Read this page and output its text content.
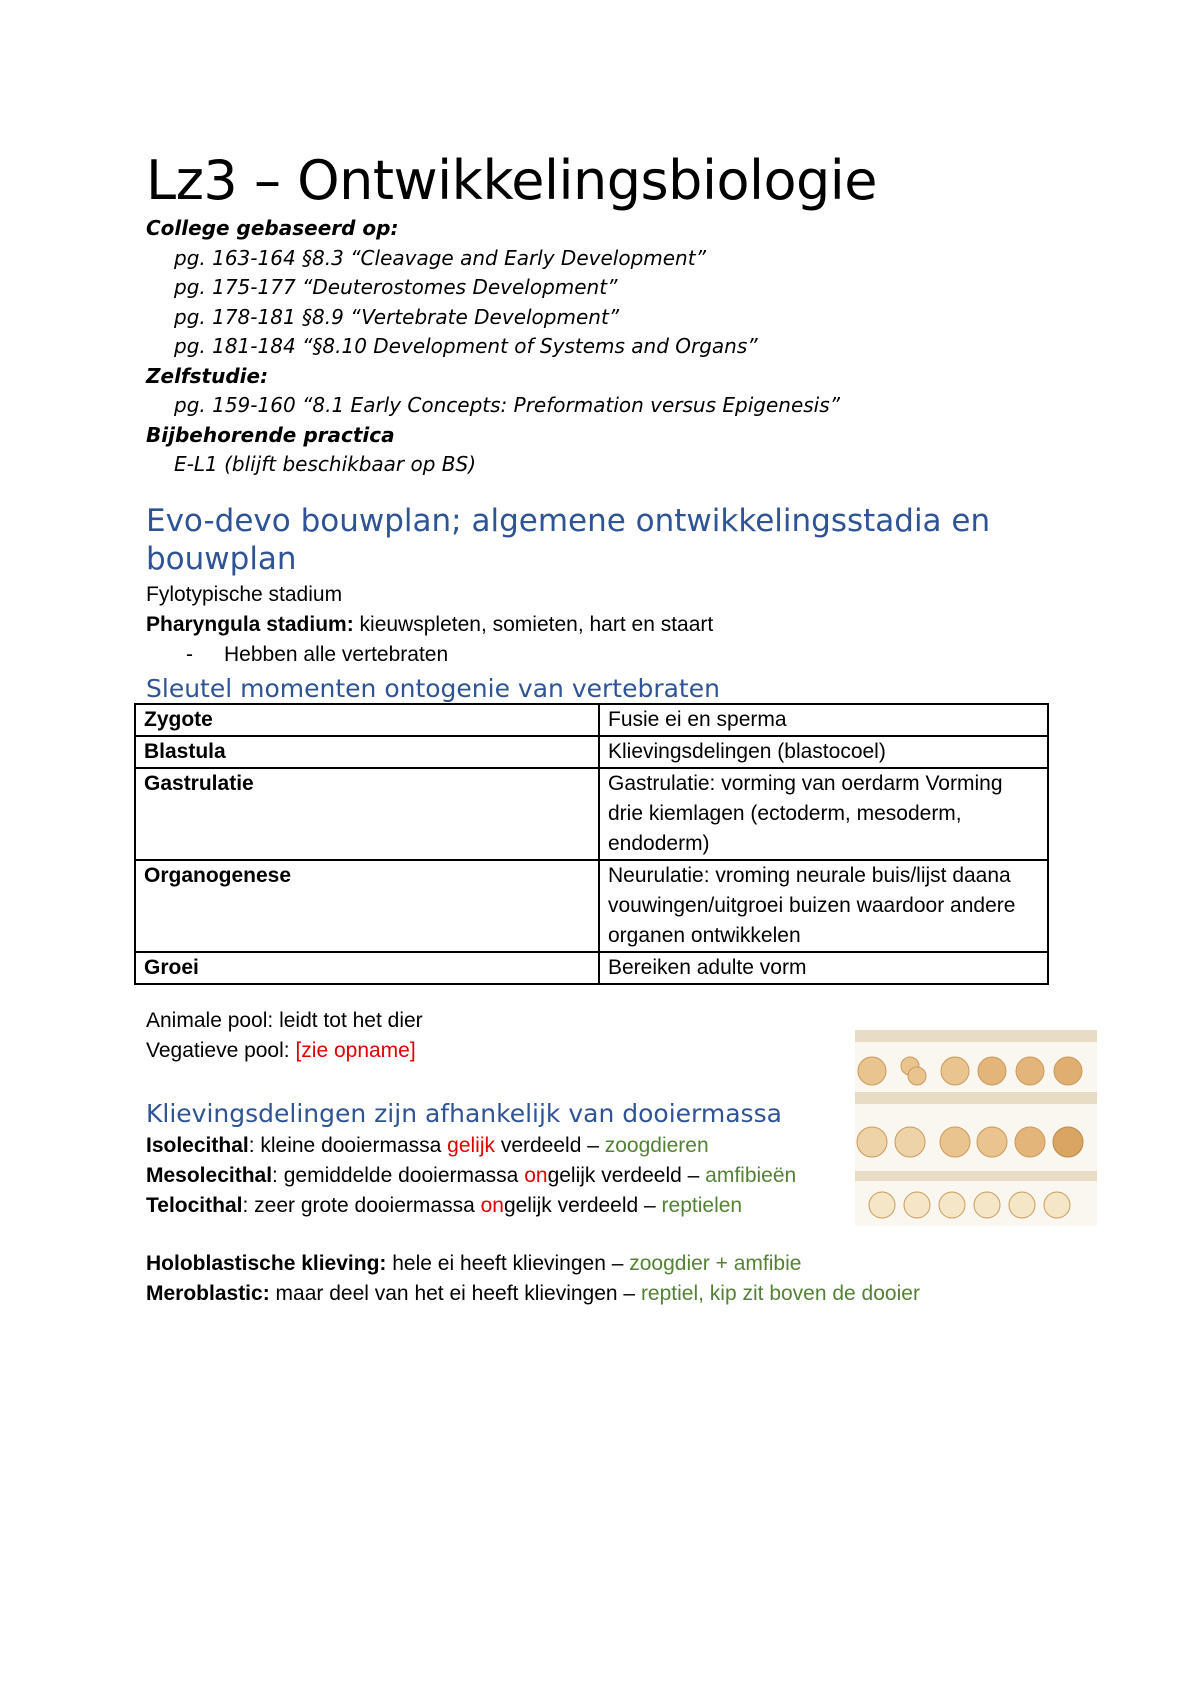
Lz3 – Ontwikkelingsbiologie
College gebaseerd op:
pg. 163-164 §8.3 “Cleavage and Early Development”
pg. 175-177 “Deuterostomes Development”
pg. 178-181 §8.9 “Vertebrate Development”
pg. 181-184 “§8.10 Development of Systems and Organs”
Zelfstudie:
pg. 159-160 “8.1 Early Concepts: Preformation versus Epigenesis”
Bijbehorende practica
E-L1 (blijft beschikbaar op BS)
Evo-devo bouwplan; algemene ontwikkelingsstadia en bouwplan
Fylotypische stadium
Pharyngula stadium: kieuwspleten, somieten, hart en staart
- Hebben alle vertebraten
Sleutel momenten ontogenie van vertebraten
Zygote	Fusie ei en sperma
Blastula	Klievingsdelingen (blastocoel)
Gastrulatie	Gastrulatie: vorming van oerdarm Vorming drie kiemlagen (ectoderm, mesoderm, endoderm)
Organogenese	Neurulatie: vroming neurale buis/lijst daana vouwingen/uitgroei buizen waardoor andere organen ontwikkelen
Groei	Bereiken adulte vorm
Animale pool: leidt tot het dier
Vegatieve pool: [zie opname]
Klievingsdelingen zijn afhankelijk van dooiermassa
Isolecithal: kleine dooiermassa gelijk verdeeld – zoogdieren
Mesolecithal: gemiddelde dooiermassa ongelijk verdeeld – amfibieën
Telocithal: zeer grote dooiermassa ongelijk verdeeld – reptielen
Holoblastische klieving: hele ei heeft klievingen – zoogdier + amfibie
Meroblastic: maar deel van het ei heeft klievingen – reptiel, kip zit boven de dooier
